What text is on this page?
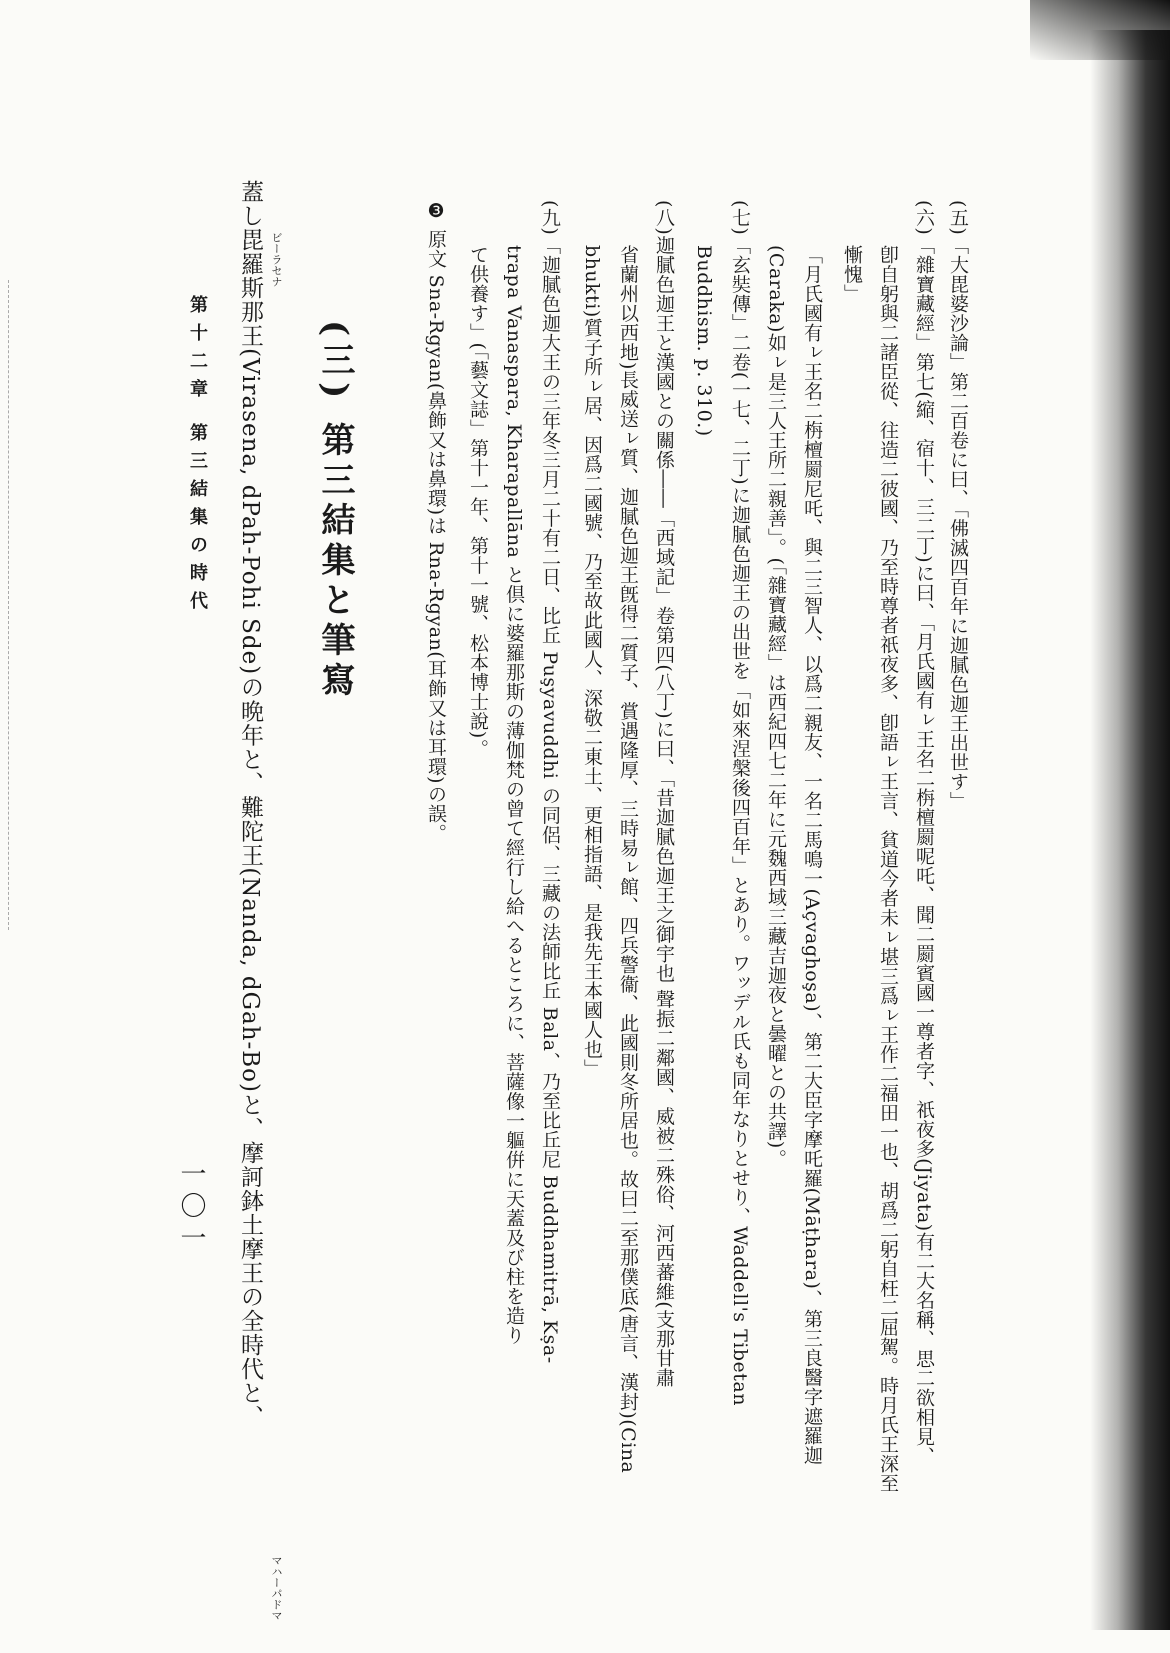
(五)「大毘婆沙論」第二百卷に曰、「佛滅四百年に迦膩色迦王出世す」
(六)「雜寶藏經」第七(縮、宿十、三二丁)に曰、「月氏國有ㇾ王名二栴檀罽呢吒、聞二罽賓國一尊者字、祇夜多(Jiyata)有二大名稱、思二欲相見、
卽自躬與二諸臣從、往造二彼國、乃至時尊者祇夜多、卽語ㇾ王言、貧道今者未ㇾ堪三爲ㇾ王作二福田一也、胡爲二躬自枉二屈駕。時月氏王深至
慚愧」
「月氏國有ㇾ王名二栴檀罽尼吒、與二三智人、以爲二親友、一名二馬鳴一(Açvaghoşa)、第二大臣字摩吒羅(Māṭhara)、第三良醫字遮羅迦
(Caraka)如ㇾ是三人王所二親善」。(「雜寶藏經」は西紀四七二年に元魏西域三藏吉迦夜と曇曜との共譯)。
(七)「玄奘傳」二卷(一七、二丁)に迦膩色迦王の出世を「如來涅槃後四百年」とあり。ワッデル氏も同年なりとせり、Waddell's Tibetan
Buddhism. p. 310.)
(八)迦膩色迦王と漢國との關係――「西域記」卷第四(八丁)に曰、「昔迦膩色迦王之御宇也 聲振二鄰國、威被二殊俗、河西蕃維(支那甘肅
省蘭州以西地)長威送ㇾ質、迦膩色迦王旣得二質子、賞遇隆厚、三時易ㇾ館、四兵警衞、此國則冬所居也。故曰二至那僕底(唐言、漢封)(Cina
bhukti)質子所ㇾ居、因爲二國號、乃至故此國人、深敬二東土、更相指語、是我先王本國人也」
(九)「迦膩色迦大王の三年冬三月二十有二日、比丘 Puşyavuddhi の同侶、三藏の法師比丘 Bala、乃至比丘尼 Buddhamitrā, Kṣa-
trapa Vanaspara, Kharapallāna と倶に婆羅那斯の薄伽梵の曾て經行し給へるところに、菩薩像一軀倂に天蓋及び柱を造り
て供養す」(「藝文誌」第十一年、第十一號、松本博士說)。
❸ 原文 Sna-Rgyan(鼻飾又は鼻環)は Rna-Rgyan(耳飾又は耳環)の誤。
(三) 第三結集と筆寫
蓋し毘羅斯那王(Virasena, dPah-Pohi Sde)の晩年と、難陀王(Nanda, dGah-Bo)と、摩訶鉢土摩王の全時代と、 ビーラセナ
マハーパドマ
第十二章 第三結集の時代
一〇一
